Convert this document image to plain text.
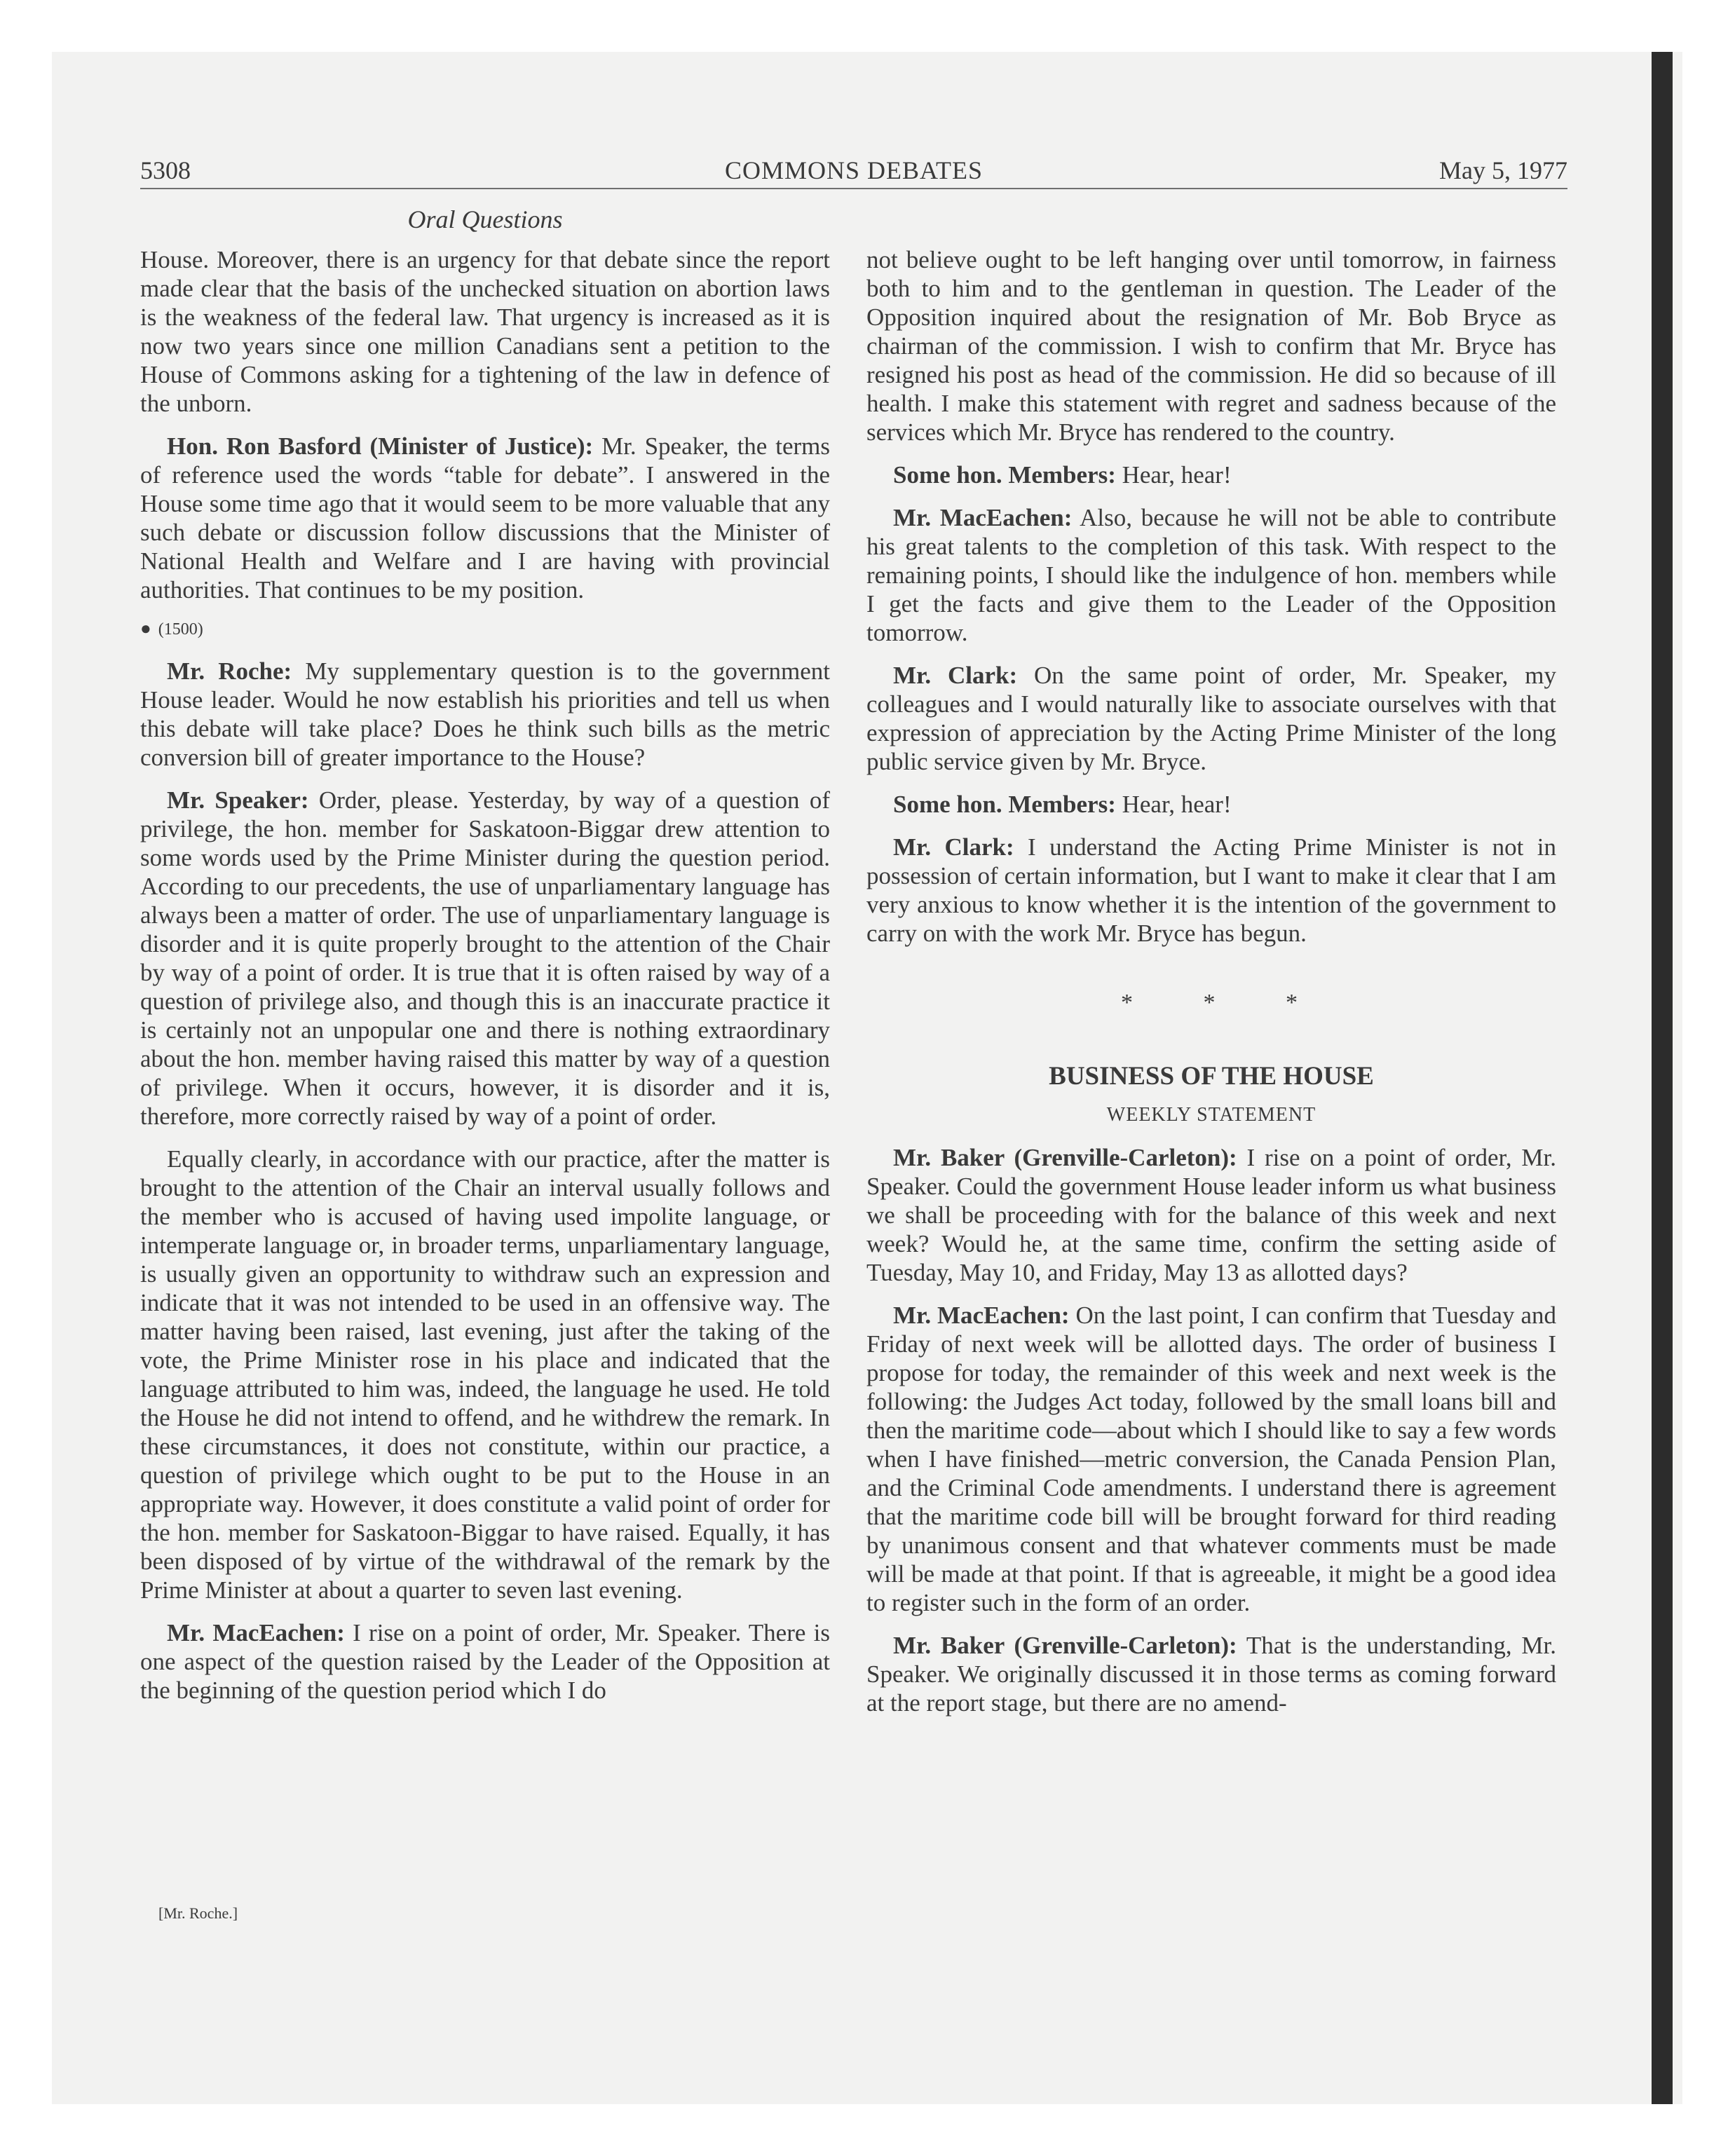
5308	COMMONS DEBATES	May 5, 1977
Oral Questions

House. Moreover, there is an urgency for that debate since the report made clear that the basis of the unchecked situation on abortion laws is the weakness of the federal law. That urgency is increased as it is now two years since one million Canadians sent a petition to the House of Commons asking for a tightening of the law in defence of the unborn.

Hon. Ron Basford (Minister of Justice): Mr. Speaker, the terms of reference used the words “table for debate”. I answered in the House some time ago that it would seem to be more valuable that any such debate or discussion follow discussions that the Minister of National Health and Welfare and I are having with provincial authorities. That continues to be my position.

● (1500)

Mr. Roche: My supplementary question is to the government House leader. Would he now establish his priorities and tell us when this debate will take place? Does he think such bills as the metric conversion bill of greater importance to the House?

Mr. Speaker: Order, please. Yesterday, by way of a question of privilege, the hon. member for Saskatoon-Biggar drew attention to some words used by the Prime Minister during the question period. According to our precedents, the use of unparliamentary language has always been a matter of order. The use of unparliamentary language is disorder and it is quite properly brought to the attention of the Chair by way of a point of order. It is true that it is often raised by way of a question of privilege also, and though this is an inaccurate practice it is certainly not an unpopular one and there is nothing extraordinary about the hon. member having raised this matter by way of a question of privilege. When it occurs, however, it is disorder and it is, therefore, more correctly raised by way of a point of order.

Equally clearly, in accordance with our practice, after the matter is brought to the attention of the Chair an interval usually follows and the member who is accused of having used impolite language, or intemperate language or, in broader terms, unparliamentary language, is usually given an opportunity to withdraw such an expression and indicate that it was not intended to be used in an offensive way. The matter having been raised, last evening, just after the taking of the vote, the Prime Minister rose in his place and indicated that the language attributed to him was, indeed, the language he used. He told the House he did not intend to offend, and he withdrew the remark. In these circumstances, it does not constitute, within our practice, a question of privilege which ought to be put to the House in an appropriate way. However, it does constitute a valid point of order for the hon. member for Saskatoon-Biggar to have raised. Equally, it has been disposed of by virtue of the withdrawal of the remark by the Prime Minister at about a quarter to seven last evening.

Mr. MacEachen: I rise on a point of order, Mr. Speaker. There is one aspect of the question raised by the Leader of the Opposition at the beginning of the question period which I do

[Mr. Roche.]

not believe ought to be left hanging over until tomorrow, in fairness both to him and to the gentleman in question. The Leader of the Opposition inquired about the resignation of Mr. Bob Bryce as chairman of the commission. I wish to confirm that Mr. Bryce has resigned his post as head of the commission. He did so because of ill health. I make this statement with regret and sadness because of the services which Mr. Bryce has rendered to the country.

Some hon. Members: Hear, hear!

Mr. MacEachen: Also, because he will not be able to contribute his great talents to the completion of this task. With respect to the remaining points, I should like the indulgence of hon. members while I get the facts and give them to the Leader of the Opposition tomorrow.

Mr. Clark: On the same point of order, Mr. Speaker, my colleagues and I would naturally like to associate ourselves with that expression of appreciation by the Acting Prime Minister of the long public service given by Mr. Bryce.

Some hon. Members: Hear, hear!

Mr. Clark: I understand the Acting Prime Minister is not in possession of certain information, but I want to make it clear that I am very anxious to know whether it is the intention of the government to carry on with the work Mr. Bryce has begun.

* * *
BUSINESS OF THE HOUSE
WEEKLY STATEMENT

Mr. Baker (Grenville-Carleton): I rise on a point of order, Mr. Speaker. Could the government House leader inform us what business we shall be proceeding with for the balance of this week and next week? Would he, at the same time, confirm the setting aside of Tuesday, May 10, and Friday, May 13 as allotted days?

Mr. MacEachen: On the last point, I can confirm that Tuesday and Friday of next week will be allotted days. The order of business I propose for today, the remainder of this week and next week is the following: the Judges Act today, followed by the small loans bill and then the maritime code—about which I should like to say a few words when I have finished—metric conversion, the Canada Pension Plan, and the Criminal Code amendments. I understand there is agreement that the maritime code bill will be brought forward for third reading by unanimous consent and that whatever comments must be made will be made at that point. If that is agreeable, it might be a good idea to register such in the form of an order.

Mr. Baker (Grenville-Carleton): That is the understanding, Mr. Speaker. We originally discussed it in those terms as coming forward at the report stage, but there are no amend-
